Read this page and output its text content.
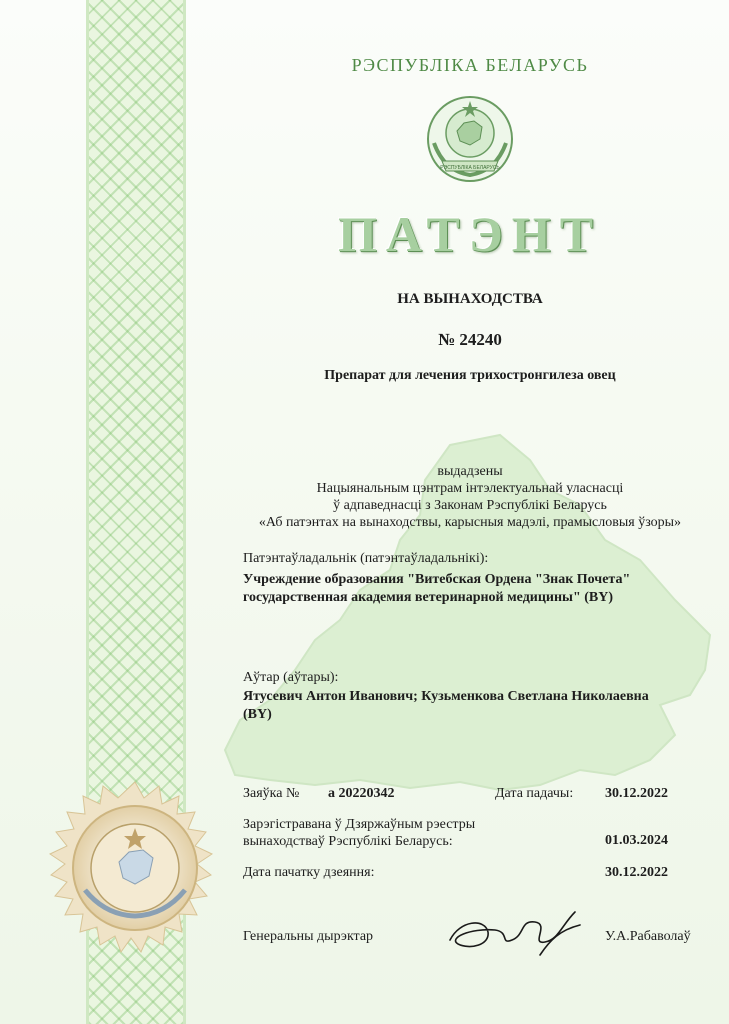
РЭСПУБЛІКА БЕЛАРУСЬ
РЭСПУБЛІКА БЕЛАРУСЬ
ПАТЭНТ
НА ВЫНАХОДСТВА
№ 24240
Препарат для лечения трихостронгилеза овец
выдадзены
Нацыянальным цэнтрам інтэлектуальнай уласнасці
ў адпаведнасці з Законам Рэспублікі Беларусь
«Аб патэнтах на вынаходствы, карысныя мадэлі, прамысловыя ўзоры»
Патэнтаўладальнік (патэнтаўладальнікі):
Учреждение образования "Витебская Ордена "Знак Почета"
государственная академия ветеринарной медицины" (BY)
Аўтар (аўтары):
Ятусевич Антон Иванович; Кузьменкова Светлана Николаевна
(BY)
Заяўка № а 20220342	Дата падачы: 30.12.2022
Зарэгістравана ў Дзяржаўным рэестры
вынаходстваў Рэспублікі Беларусь:	01.03.2024
Дата пачатку дзеяння:	30.12.2022
Генеральны дырэктар	У.А.Рабаволаў
